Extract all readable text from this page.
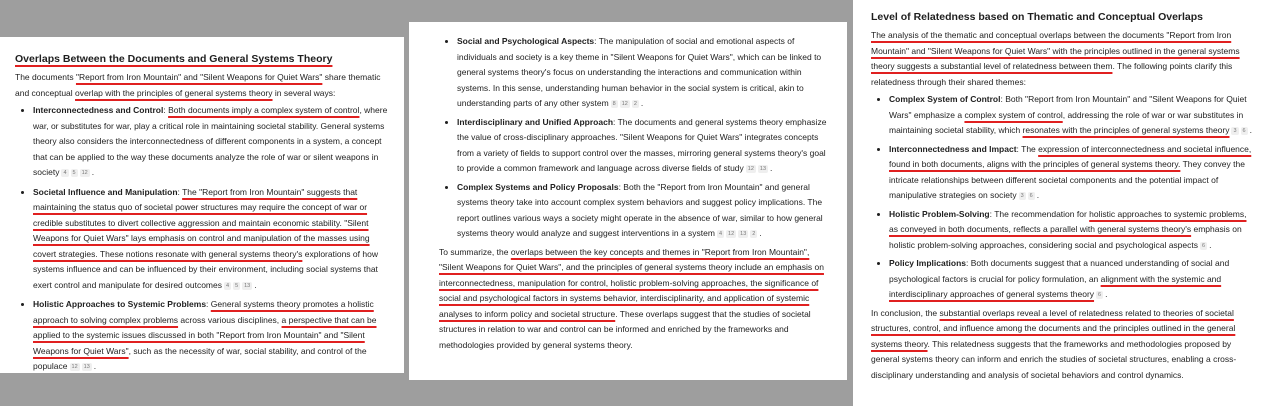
Overlaps Between the Documents and General Systems Theory

The documents "Report from Iron Mountain" and "Silent Weapons for Quiet Wars" share thematic and conceptual overlap with the principles of general systems theory in several ways:

• Interconnectedness and Control: Both documents imply a complex system of control, where war, or substitutes for war, play a critical role in maintaining societal stability. General systems theory also considers the interconnectedness of different components in a system, a concept that can be applied to the way these documents analyze the role of war or silent weapons in society 4 5 12 .
• Societal Influence and Manipulation: The "Report from Iron Mountain" suggests that maintaining the status quo of societal power structures may require the concept of war or credible substitutes to divert collective aggression and maintain economic stability. "Silent Weapons for Quiet Wars" lays emphasis on control and manipulation of the masses using covert strategies. These notions resonate with general systems theory's explorations of how systems influence and can be influenced by their environment, including social systems that exert control and manipulate for desired outcomes 4 5 13 .
• Holistic Approaches to Systemic Problems: General systems theory promotes a holistic approach to solving complex problems across various disciplines, a perspective that can be applied to the systemic issues discussed in both "Report from Iron Mountain" and "Silent Weapons for Quiet Wars", such as the necessity of war, social stability, and control of the populace 12 13 .
• Social and Psychological Aspects: The manipulation of social and emotional aspects of individuals and society is a key theme in "Silent Weapons for Quiet Wars", which can be linked to general systems theory's focus on understanding the interactions and communication within systems. In this sense, understanding human behavior in the social system is critical, akin to understanding parts of any other system 8 12 2 .
• Interdisciplinary and Unified Approach: The documents and general systems theory emphasize the value of cross-disciplinary approaches. "Silent Weapons for Quiet Wars" integrates concepts from a variety of fields to support control over the masses, mirroring general systems theory's goal to provide a common framework and language across diverse fields of study 12 13 .
• Complex Systems and Policy Proposals: Both the "Report from Iron Mountain" and general systems theory take into account complex system behaviors and suggest policy implications. The report outlines various ways a society might operate in the absence of war, similar to how general systems theory would analyze and suggest interventions in a system 4 12 13 2 .

To summarize, the overlaps between the key concepts and themes in "Report from Iron Mountain", "Silent Weapons for Quiet Wars", and the principles of general systems theory include an emphasis on interconnectedness, manipulation for control, holistic problem-solving approaches, the significance of social and psychological factors in systems behavior, interdisciplinarity, and application of systemic analyses to inform policy and societal structure. These overlaps suggest that the studies of societal structures in relation to war and control can be informed and enriched by the frameworks and methodologies provided by general systems theory.

Level of Relatedness based on Thematic and Conceptual Overlaps

The analysis of the thematic and conceptual overlaps between the documents "Report from Iron Mountain" and "Silent Weapons for Quiet Wars" with the principles outlined in the general systems theory suggests a substantial level of relatedness between them. The following points clarify this relatedness through their shared themes:

• Complex System of Control: Both "Report from Iron Mountain" and "Silent Weapons for Quiet Wars" emphasize a complex system of control, addressing the role of war or war substitutes in maintaining societal stability, which resonates with the principles of general systems theory 3 6 .
• Interconnectedness and Impact: The expression of interconnectedness and societal influence, found in both documents, aligns with the principles of general systems theory. They convey the intricate relationships between different societal components and the potential impact of manipulative strategies on society 3 6 .
• Holistic Problem-Solving: The recommendation for holistic approaches to systemic problems, as conveyed in both documents, reflects a parallel with general systems theory's emphasis on holistic problem-solving approaches, considering social and psychological aspects 6 .
• Policy Implications: Both documents suggest that a nuanced understanding of social and psychological factors is crucial for policy formulation, an alignment with the systemic and interdisciplinary approaches of general systems theory 6 .

In conclusion, the substantial overlaps reveal a level of relatedness related to theories of societal structures, control, and influence among the documents and the principles outlined in the general systems theory. This relatedness suggests that the frameworks and methodologies proposed by general systems theory can inform and enrich the studies of societal structures, enabling a cross-disciplinary understanding and analysis of societal behaviors and control dynamics.
